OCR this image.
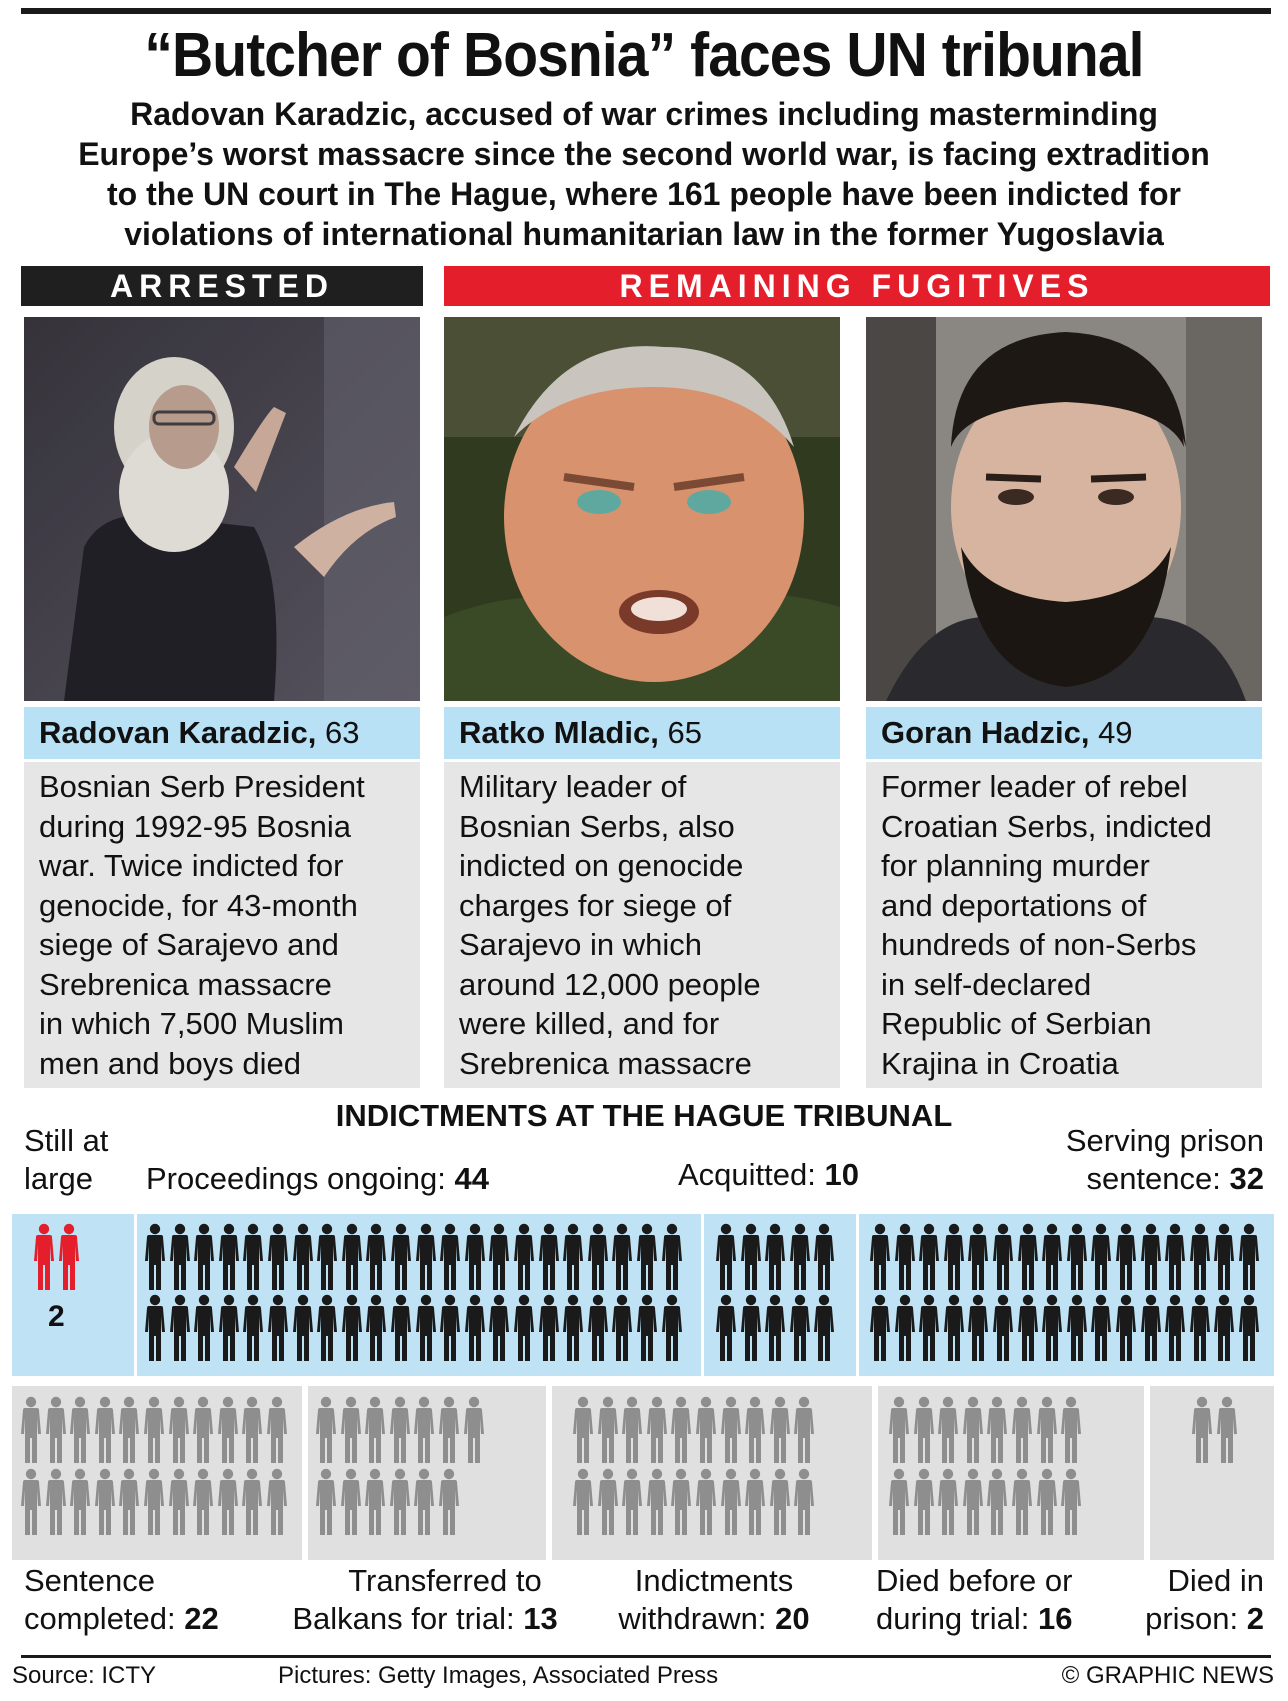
“Butcher of Bosnia” faces UN tribunal
Radovan Karadzic, accused of war crimes including masterminding
Europe’s worst massacre since the second world war, is facing extradition
to the UN court in The Hague, where 161 people have been indicted for
violations of international humanitarian law in the former Yugoslavia
ARRESTED	REMAINING FUGITIVES
Radovan Karadzic, 63	Ratko Mladic, 65	Goran Hadzic, 49
Bosnian Serb President
during 1992-95 Bosnia
war. Twice indicted for
genocide, for 43-month
siege of Sarajevo and
Srebrenica massacre
in which 7,500 Muslim
men and boys died
Military leader of
Bosnian Serbs, also
indicted on genocide
charges for siege of
Sarajevo in which
around 12,000 people
were killed, and for
Srebrenica massacre
Former leader of rebel
Croatian Serbs, indicted
for planning murder
and deportations of
hundreds of non-Serbs
in self-declared
Republic of Serbian
Krajina in Croatia
INDICTMENTS AT THE HAGUE TRIBUNAL
Still at
large	Proceedings ongoing: 44	Acquitted: 10
Serving prison
sentence: 32
2
Sentence
completed: 22
Transferred to
Balkans for trial: 13
Indictments
withdrawn: 20
Died before or
during trial: 16
Died in
prison: 2
Source: ICTY	Pictures: Getty Images, Associated Press	© GRAPHIC NEWS
